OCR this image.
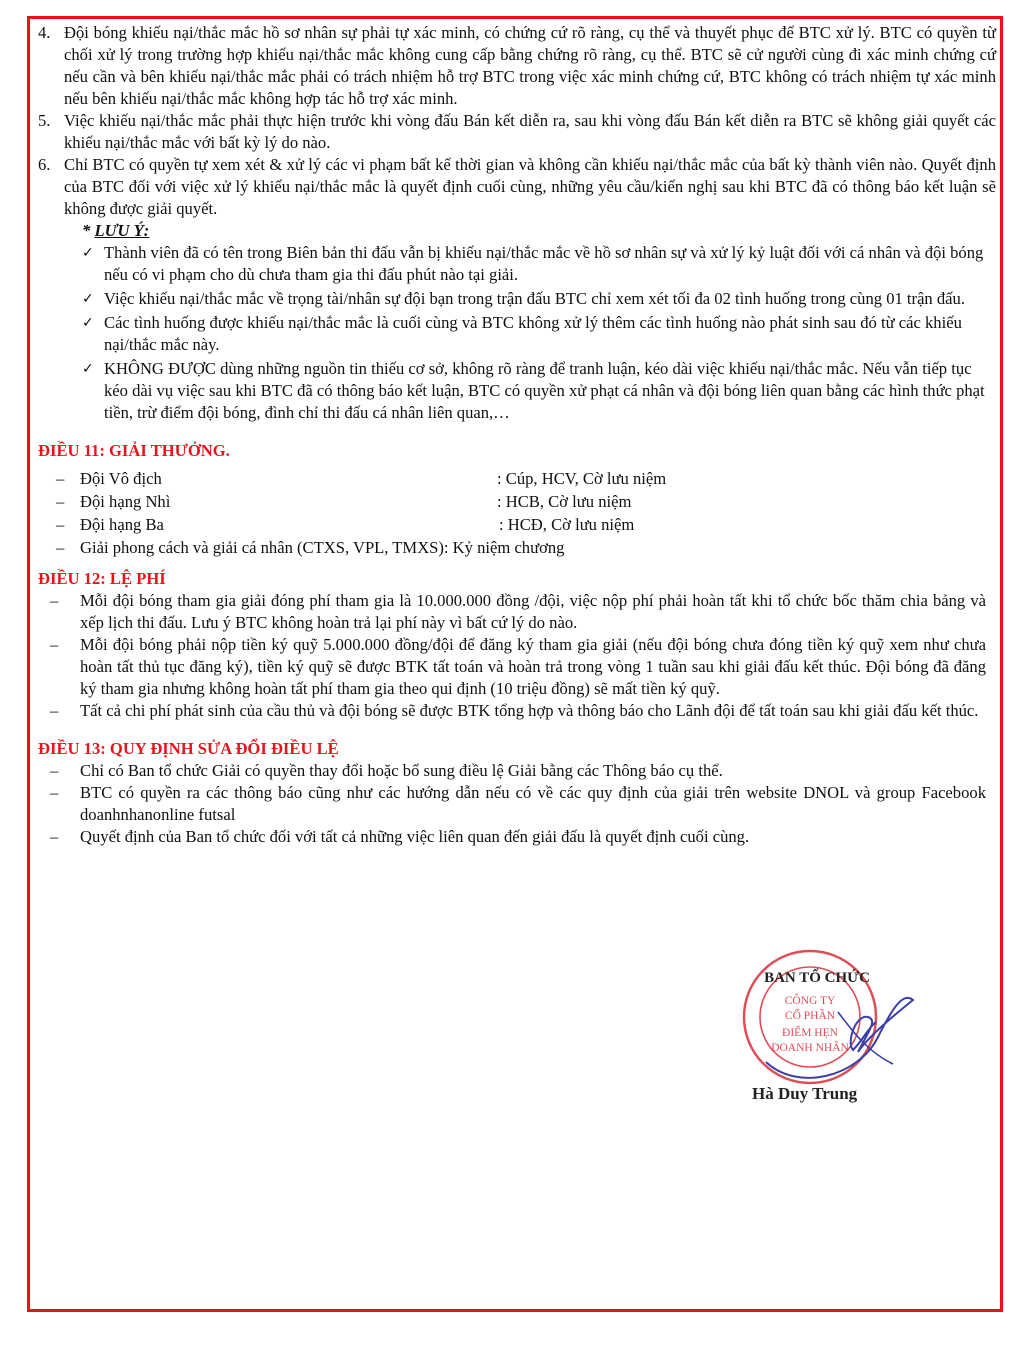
4. Đội bóng khiếu nại/thắc mắc hồ sơ nhân sự phải tự xác minh, có chứng cứ rõ ràng, cụ thể và thuyết phục để BTC xử lý. BTC có quyền từ chối xử lý trong trường hợp khiếu nại/thắc mắc không cung cấp bằng chứng rõ ràng, cụ thể. BTC sẽ cử người cùng đi xác minh chứng cứ nếu cần và bên khiếu nại/thắc mắc phải có trách nhiệm hỗ trợ BTC trong việc xác minh chứng cứ, BTC không có trách nhiệm tự xác minh nếu bên khiếu nại/thắc mắc không hợp tác hỗ trợ xác minh.
5. Việc khiếu nại/thắc mắc phải thực hiện trước khi vòng đấu Bán kết diễn ra, sau khi vòng đấu Bán kết diễn ra BTC sẽ không giải quyết các khiếu nại/thắc mắc với bất kỳ lý do nào.
6. Chỉ BTC có quyền tự xem xét & xử lý các vi phạm bất kể thời gian và không cần khiếu nại/thắc mắc của bất kỳ thành viên nào. Quyết định của BTC đối với việc xử lý khiếu nại/thắc mắc là quyết định cuối cùng, những yêu cầu/kiến nghị sau khi BTC đã có thông báo kết luận sẽ không được giải quyết.
* LƯU Ý:
✓ Thành viên đã có tên trong Biên bản thi đấu vẫn bị khiếu nại/thắc mắc về hồ sơ nhân sự và xử lý kỷ luật đối với cá nhân và đội bóng nếu có vi phạm cho dù chưa tham gia thi đấu phút nào tại giải.
✓ Việc khiếu nại/thắc mắc về trọng tài/nhân sự đội bạn trong trận đấu BTC chỉ xem xét tối đa 02 tình huống trong cùng 01 trận đấu.
✓ Các tình huống được khiếu nại/thắc mắc là cuối cùng và BTC không xử lý thêm các tình huống nào phát sinh sau đó từ các khiếu nại/thắc mắc này.
✓ KHÔNG ĐƯỢC dùng những nguồn tin thiếu cơ sở, không rõ ràng để tranh luận, kéo dài việc khiếu nại/thắc mắc. Nếu vẫn tiếp tục kéo dài vụ việc sau khi BTC đã có thông báo kết luận, BTC có quyền xử phạt cá nhân và đội bóng liên quan bằng các hình thức phạt tiền, trừ điểm đội bóng, đình chỉ thi đấu cá nhân liên quan,…
ĐIỀU 11: GIẢI THƯỞNG.
– Đội Vô địch	: Cúp, HCV, Cờ lưu niệm
– Đội hạng Nhì	: HCB, Cờ lưu niệm
– Đội hạng Ba	: HCĐ, Cờ lưu niệm
– Giải phong cách và giải cá nhân (CTXS, VPL, TMXS): Kỷ niệm chương
ĐIỀU 12: LỆ PHÍ
– Mỗi đội bóng tham gia giải đóng phí tham gia là 10.000.000 đồng /đội, việc nộp phí phải hoàn tất khi tổ chức bốc thăm chia bảng và xếp lịch thi đấu. Lưu ý BTC không hoàn trả lại phí này vì bất cứ lý do nào.
– Mỗi đội bóng phải nộp tiền ký quỹ 5.000.000 đồng/đội để đăng ký tham gia giải (nếu đội bóng chưa đóng tiền ký quỹ xem như chưa hoàn tất thủ tục đăng ký), tiền ký quỹ sẽ được BTK tất toán và hoàn trả trong vòng 1 tuần sau khi giải đấu kết thúc. Đội bóng đã đăng ký tham gia nhưng không hoàn tất phí tham gia theo qui định (10 triệu đồng) sẽ mất tiền ký quỹ.
– Tất cả chi phí phát sinh của cầu thủ và đội bóng sẽ được BTK tổng hợp và thông báo cho Lãnh đội để tất toán sau khi giải đấu kết thúc.
ĐIỀU 13: QUY ĐỊNH SỬA ĐỔI ĐIỀU LỆ
– Chỉ có Ban tổ chức Giải có quyền thay đổi hoặc bổ sung điều lệ Giải bằng các Thông báo cụ thể.
– BTC có quyền ra các thông báo cũng như các hướng dẫn nếu có về các quy định của giải trên website DNOL và group Facebook doanhnhanonline futsal
– Quyết định của Ban tổ chức đối với tất cả những việc liên quan đến giải đấu là quyết định cuối cùng.
CÔNG TY
CỔ PHẦN
ĐIỂM HẸN
DOANH NHÂN
BAN TỔ CHỨC
Hà Duy Trung
